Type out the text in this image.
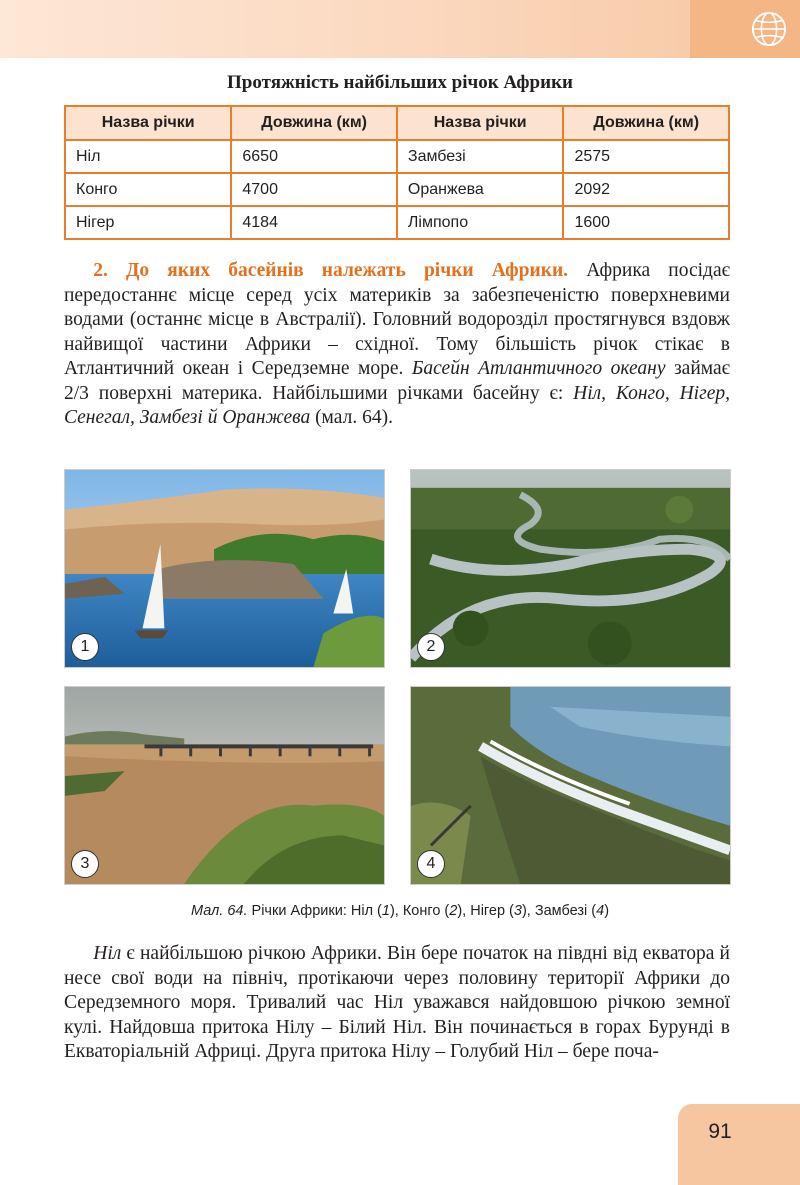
Протяжність найбільших річок Африки
Назва річки	Довжина (км)	Назва річки	Довжина (км)
Ніл	6650	Замбезі	2575
Конго	4700	Оранжева	2092
Нігер	4184	Лімпопо	1600

  2. До яких басейнів належать річки Африки. Африка посідає передостаннє місце серед усіх материків за забезпеченістю поверхневими водами (останнє місце в Австралії). Головний водорозділ простягнувся вздовж найвищої частини Африки – східної. Тому більшість річок стікає в Атлантичний океан і Середземне море. Басейн Атлантичного океану займає 2/3 поверхні материка. Найбільшими річками басейну є: Ніл, Конго, Нігер, Сенегал, Замбезі й Оранжева (мал. 64).

1	2
3	4
Мал. 64. Річки Африки: Ніл (1), Конго (2), Нігер (3), Замбезі (4)

  Ніл є найбільшою річкою Африки. Він бере початок на півдні від екватора й несе свої води на північ, протікаючи через половину території Африки до Середземного моря. Тривалий час Ніл уважався найдовшою річкою земної кулі. Найдовша притока Нілу – Білий Ніл. Він починається в горах Бурунді в Екваторіальній Африці. Друга притока Нілу – Голубий Ніл – бере поча-

91
